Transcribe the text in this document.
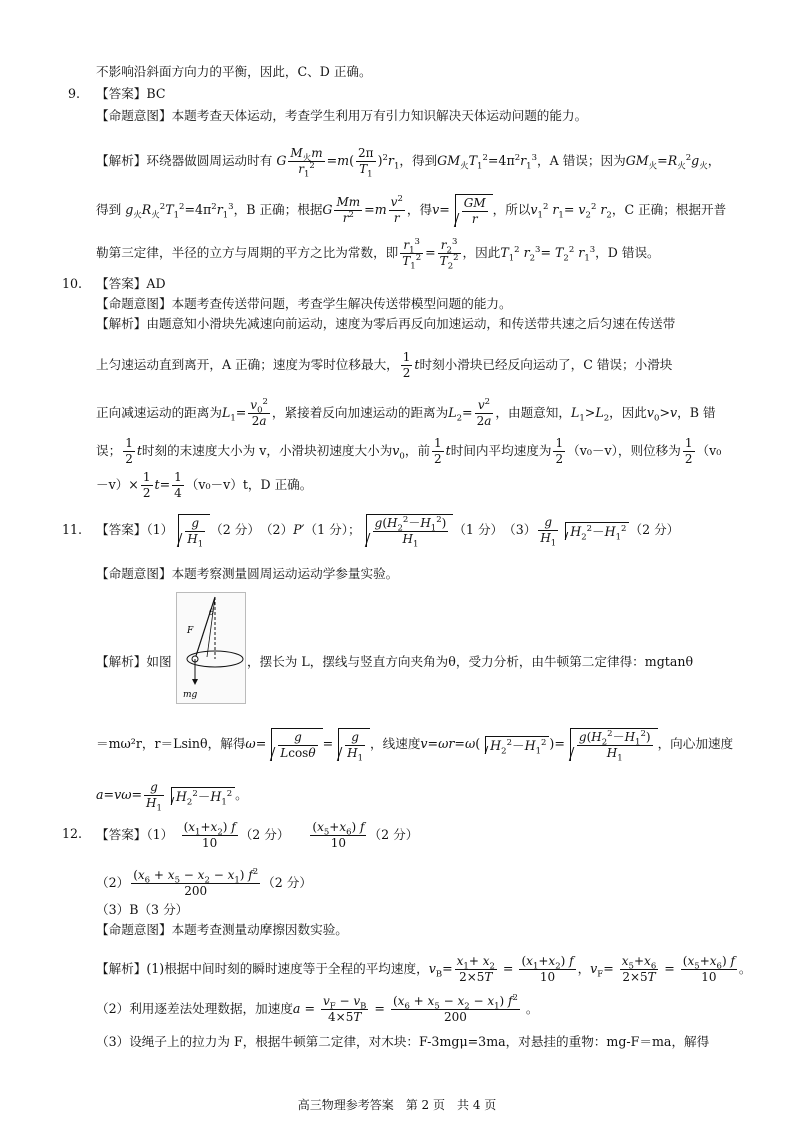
不影响沿斜面方向力的平衡，因此，C、D 正确。
9. 【答案】BC
【命题意图】本题考查天体运动，考查学生利用万有引力知识解决天体运动问题的能力。
【解析】环绕器做圆周运动时有 G $\frac{M_火m}{r_1^2} =m( \frac{2\pi}{T_1} )^2r_1$，得到$GM_火T_1^2=4\pi^2r_1^3$，A 错误；因为$GM_火=R_火^2g_火$，
得到 $g_火R_火^2T_1^2=4\pi^2r_1^3$，B 正确；根据G $\frac{Mm}{r^2} =m \frac{v^2}{r}$ ，得$v= \frac{GM}{r}$ ，所以$v_1^2$ $r_1= v_2^2$ $r_2$，C 正确；根据开普
勒第三定律，半径的立方与周期的平方之比为常数，即 $\frac{r_1^3}{T_1^2} = \frac{r_2^3}{T_2^2}$ ，因此$T_1^2$ $r_2^3= T_2^2$ $r_1^3$，D 错误。
10. 【答案】AD
【命题意图】本题考查传送带问题，考查学生解决传送带模型问题的能力。
【解析】由题意知小滑块先减速向前运动，速度为零后再反向加速运动，和传送带共速之后匀速在传送带
上匀速运动直到离开，A 正确；速度为零时位移最大， $\frac{1}{2}$ t时刻小滑块已经反向运动了，C 错误；小滑块
正向减速运动的距离为$L_1= \frac{v_0^2}{2a}$ ，紧接着反向加速运动的距离为$L_2= \frac{v^2}{2a}$ ，由题意知，$L_1>L_2$，因此$v_0>v$，B 错
误； $\frac{1}{2}$ t时刻的末速度大小为 v，小滑块初速度大小为$v_0$，前 $\frac{1}{2}$ t时间内平均速度为 $\frac{1}{2} (v_0-v)$，则位移为 $\frac{1}{2} (v_0$
$-v)\times \frac{1}{2} t= \frac{1}{4} (v_0-v)t$，D 正确。
11. 【答案】$(1) \frac{g}{H_1} (2$ 分）　 （2）P′（1 分）； $\frac{g(H_2^2-H_1^2)}{H_1} (1$ 分）　 $(3) \frac{g}{H_1} H_2^2-H_1^2$ （2 分）
【命题意图】本题考察测量圆周运动运动学参量实验。
F
θ
mg
【解析】如图	，摆长为 L，摆线与竖直方向夹角为θ，受力分析，由牛顿第二定律得：mgtanθ
＝mω²r，r＝Lsinθ，解得$\omega= \frac{g}{Lcos\theta} = \frac{g}{H_1}$ ，线速度v=ωr=ω( $H_2^2-H_1^2$ )= $\frac{g(H_2^2-H_1^2)}{H_1}$ ，向心加速度
$a=v\omega= \frac{g}{H_1} H_2^2-H_1^2$ 。
12. 【答案】（1）　 $\frac{(x_1+x_2) f}{10} (2$ 分）　　 $\frac{(x_5+x_6) f}{10} (2$ 分）
$(2) \frac{(x_6 + x_5 - x_2 - x_1) f^2}{200} (2$ 分）
（3）B（3 分）
【命题意图】本题考查测量动摩擦因数实验。
【解析】(1)根据中间时刻的瞬时速度等于全程的平均速度，$v_B= \frac{x_1+ x_2}{2\times 5T} = \frac{(x_1+x_2) f}{10}$ ，$v_F= \frac{x_5+x_6}{2\times 5T} = \frac{(x_5+x_6) f}{10}$ 。
（2）利用逐差法处理数据，加速度$a = \frac{v_F - v_B}{4\times 5T} = \frac{(x_6 + x_5 - x_2 - x_1) f^2}{200}$ 。
（3）设绳子上的拉力为 F，根据牛顿第二定律，对木块：F-3mgμ=3ma，对悬挂的重物：mg-F＝ma，解得
高三物理参考答案　第 2 页　共 4 页
